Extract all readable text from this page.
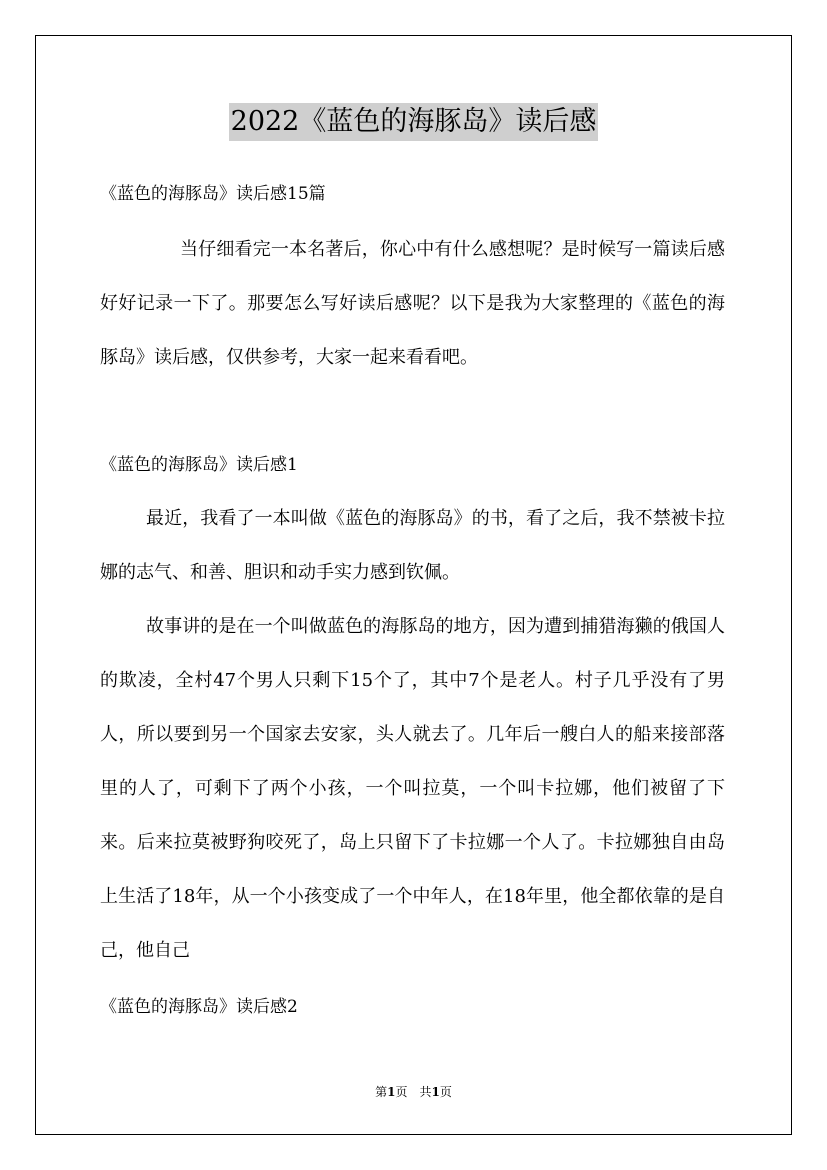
2022《蓝色的海豚岛》读后感
《蓝色的海豚岛》读后感15篇

当仔细看完一本名著后，你心中有什么感想呢？是时候写一篇读后感好好记录一下了。那要怎么写好读后感呢？以下是我为大家整理的《蓝色的海豚岛》读后感，仅供参考，大家一起来看看吧。

《蓝色的海豚岛》读后感1

最近，我看了一本叫做《蓝色的海豚岛》的书，看了之后，我不禁被卡拉娜的志气、和善、胆识和动手实力感到钦佩。

故事讲的是在一个叫做蓝色的海豚岛的地方，因为遭到捕猎海獭的俄国人的欺凌，全村47个男人只剩下15个了，其中7个是老人。村子几乎没有了男人，所以要到另一个国家去安家，头人就去了。几年后一艘白人的船来接部落里的人了，可剩下了两个小孩，一个叫拉莫，一个叫卡拉娜，他们被留了下来。后来拉莫被野狗咬死了，岛上只留下了卡拉娜一个人了。卡拉娜独自由岛上生活了18年，从一个小孩变成了一个中年人，在18年里，他全都依靠的是自己，他自己

《蓝色的海豚岛》读后感2
第1页　共1页
